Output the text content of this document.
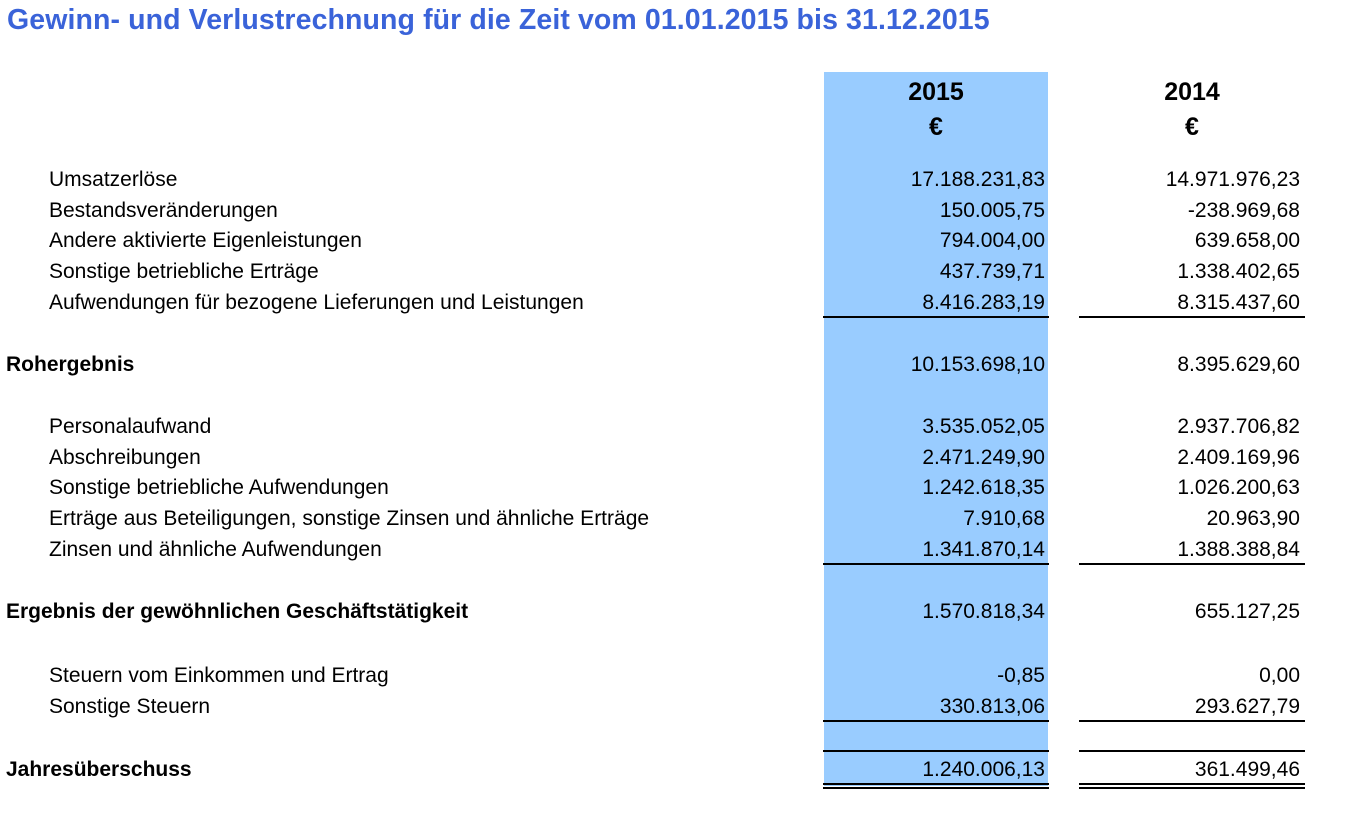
Gewinn- und Verlustrechnung für die Zeit vom 01.01.2015 bis 31.12.2015
2015
€
2014
€
Umsatzerlöse	17.188.231,83	14.971.976,23
Bestandsveränderungen	150.005,75	-238.969,68
Andere aktivierte Eigenleistungen	794.004,00	639.658,00
Sonstige betriebliche Erträge	437.739,71	1.338.402,65
Aufwendungen für bezogene Lieferungen und Leistungen	8.416.283,19	8.315.437,60
Rohergebnis	10.153.698,10	8.395.629,60
Personalaufwand	3.535.052,05	2.937.706,82
Abschreibungen	2.471.249,90	2.409.169,96
Sonstige betriebliche Aufwendungen	1.242.618,35	1.026.200,63
Erträge aus Beteiligungen, sonstige Zinsen und ähnliche Erträge	7.910,68	20.963,90
Zinsen und ähnliche Aufwendungen	1.341.870,14	1.388.388,84
Ergebnis der gewöhnlichen Geschäftstätigkeit	1.570.818,34	655.127,25
Steuern vom Einkommen und Ertrag	-0,85	0,00
Sonstige Steuern	330.813,06	293.627,79
Jahresüberschuss	1.240.006,13	361.499,46
